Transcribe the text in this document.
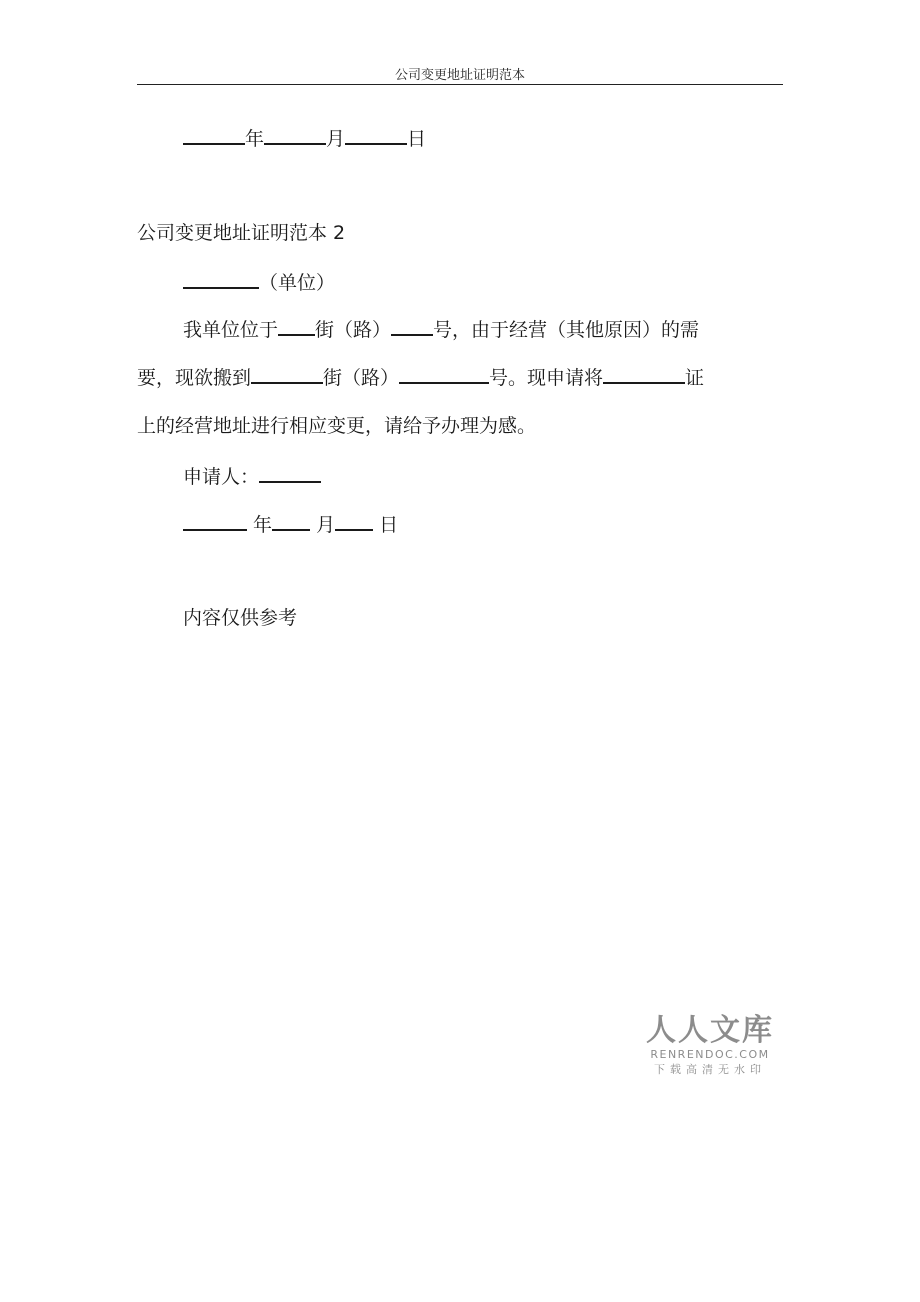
公司变更地址证明范本
年	月	日
公司变更地址证明范本 2
（单位）
我单位位于 街（路） 号，由于经营（其他原因）的需
要，现欲搬到	街（路）	号。现申请将	证
上的经营地址进行相应变更，请给予办理为感。
申请人：
年 月 日
内容仅供参考
人人文库
RENRENDOC.COM
下载高清无水印
